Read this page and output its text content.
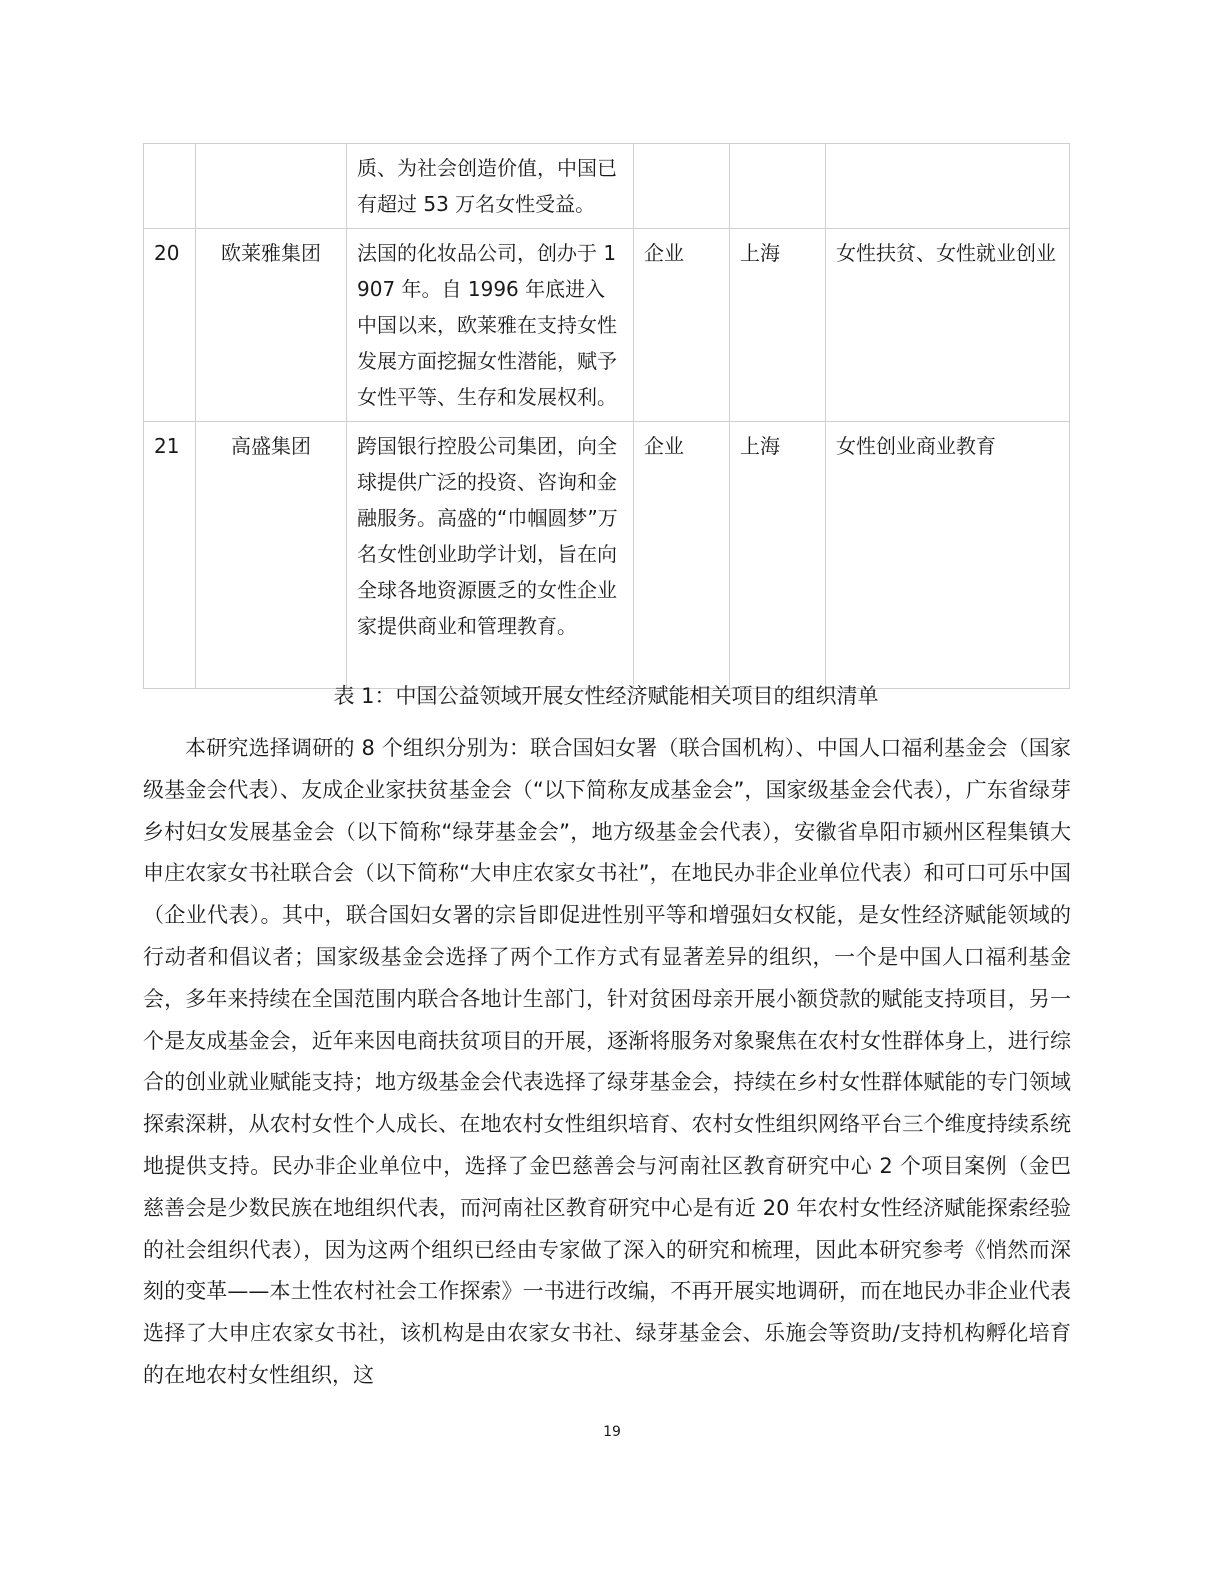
		质、为社会创造价值，中国已有超过 53 万名女性受益。			
20	欧莱雅集团	法国的化妆品公司，创办于 1907 年。自 1996 年底进入中国以来，欧莱雅在支持女性发展方面挖掘女性潜能，赋予女性平等、生存和发展权利。	企业	上海	女性扶贫、女性就业创业
21	高盛集团	跨国银行控股公司集团，向全球提供广泛的投资、咨询和金融服务。高盛的“巾帼圆梦”万名女性创业助学计划，旨在向全球各地资源匮乏的女性企业家提供商业和管理教育。	企业	上海	女性创业商业教育
表 1：中国公益领域开展女性经济赋能相关项目的组织清单

本研究选择调研的 8 个组织分别为：联合国妇女署（联合国机构）、中国人口福利基金会（国家级基金会代表）、友成企业家扶贫基金会（“以下简称友成基金会”，国家级基金会代表），广东省绿芽乡村妇女发展基金会（以下简称“绿芽基金会”，地方级基金会代表），安徽省阜阳市颍州区程集镇大申庄农家女书社联合会（以下简称“大申庄农家女书社”，在地民办非企业单位代表）和可口可乐中国（企业代表）。其中，联合国妇女署的宗旨即促进性别平等和增强妇女权能，是女性经济赋能领域的行动者和倡议者；国家级基金会选择了两个工作方式有显著差异的组织，一个是中国人口福利基金会，多年来持续在全国范围内联合各地计生部门，针对贫困母亲开展小额贷款的赋能支持项目，另一个是友成基金会，近年来因电商扶贫项目的开展，逐渐将服务对象聚焦在农村女性群体身上，进行综合的创业就业赋能支持；地方级基金会代表选择了绿芽基金会，持续在乡村女性群体赋能的专门领域探索深耕，从农村女性个人成长、在地农村女性组织培育、农村女性组织网络平台三个维度持续系统地提供支持。民办非企业单位中，选择了金巴慈善会与河南社区教育研究中心 2 个项目案例（金巴慈善会是少数民族在地组织代表，而河南社区教育研究中心是有近 20 年农村女性经济赋能探索经验的社会组织代表），因为这两个组织已经由专家做了深入的研究和梳理，因此本研究参考《悄然而深刻的变革——本土性农村社会工作探索》一书进行改编，不再开展实地调研，而在地民办非企业代表选择了大申庄农家女书社，该机构是由农家女书社、绿芽基金会、乐施会等资助/支持机构孵化培育的在地农村女性组织，这

19
